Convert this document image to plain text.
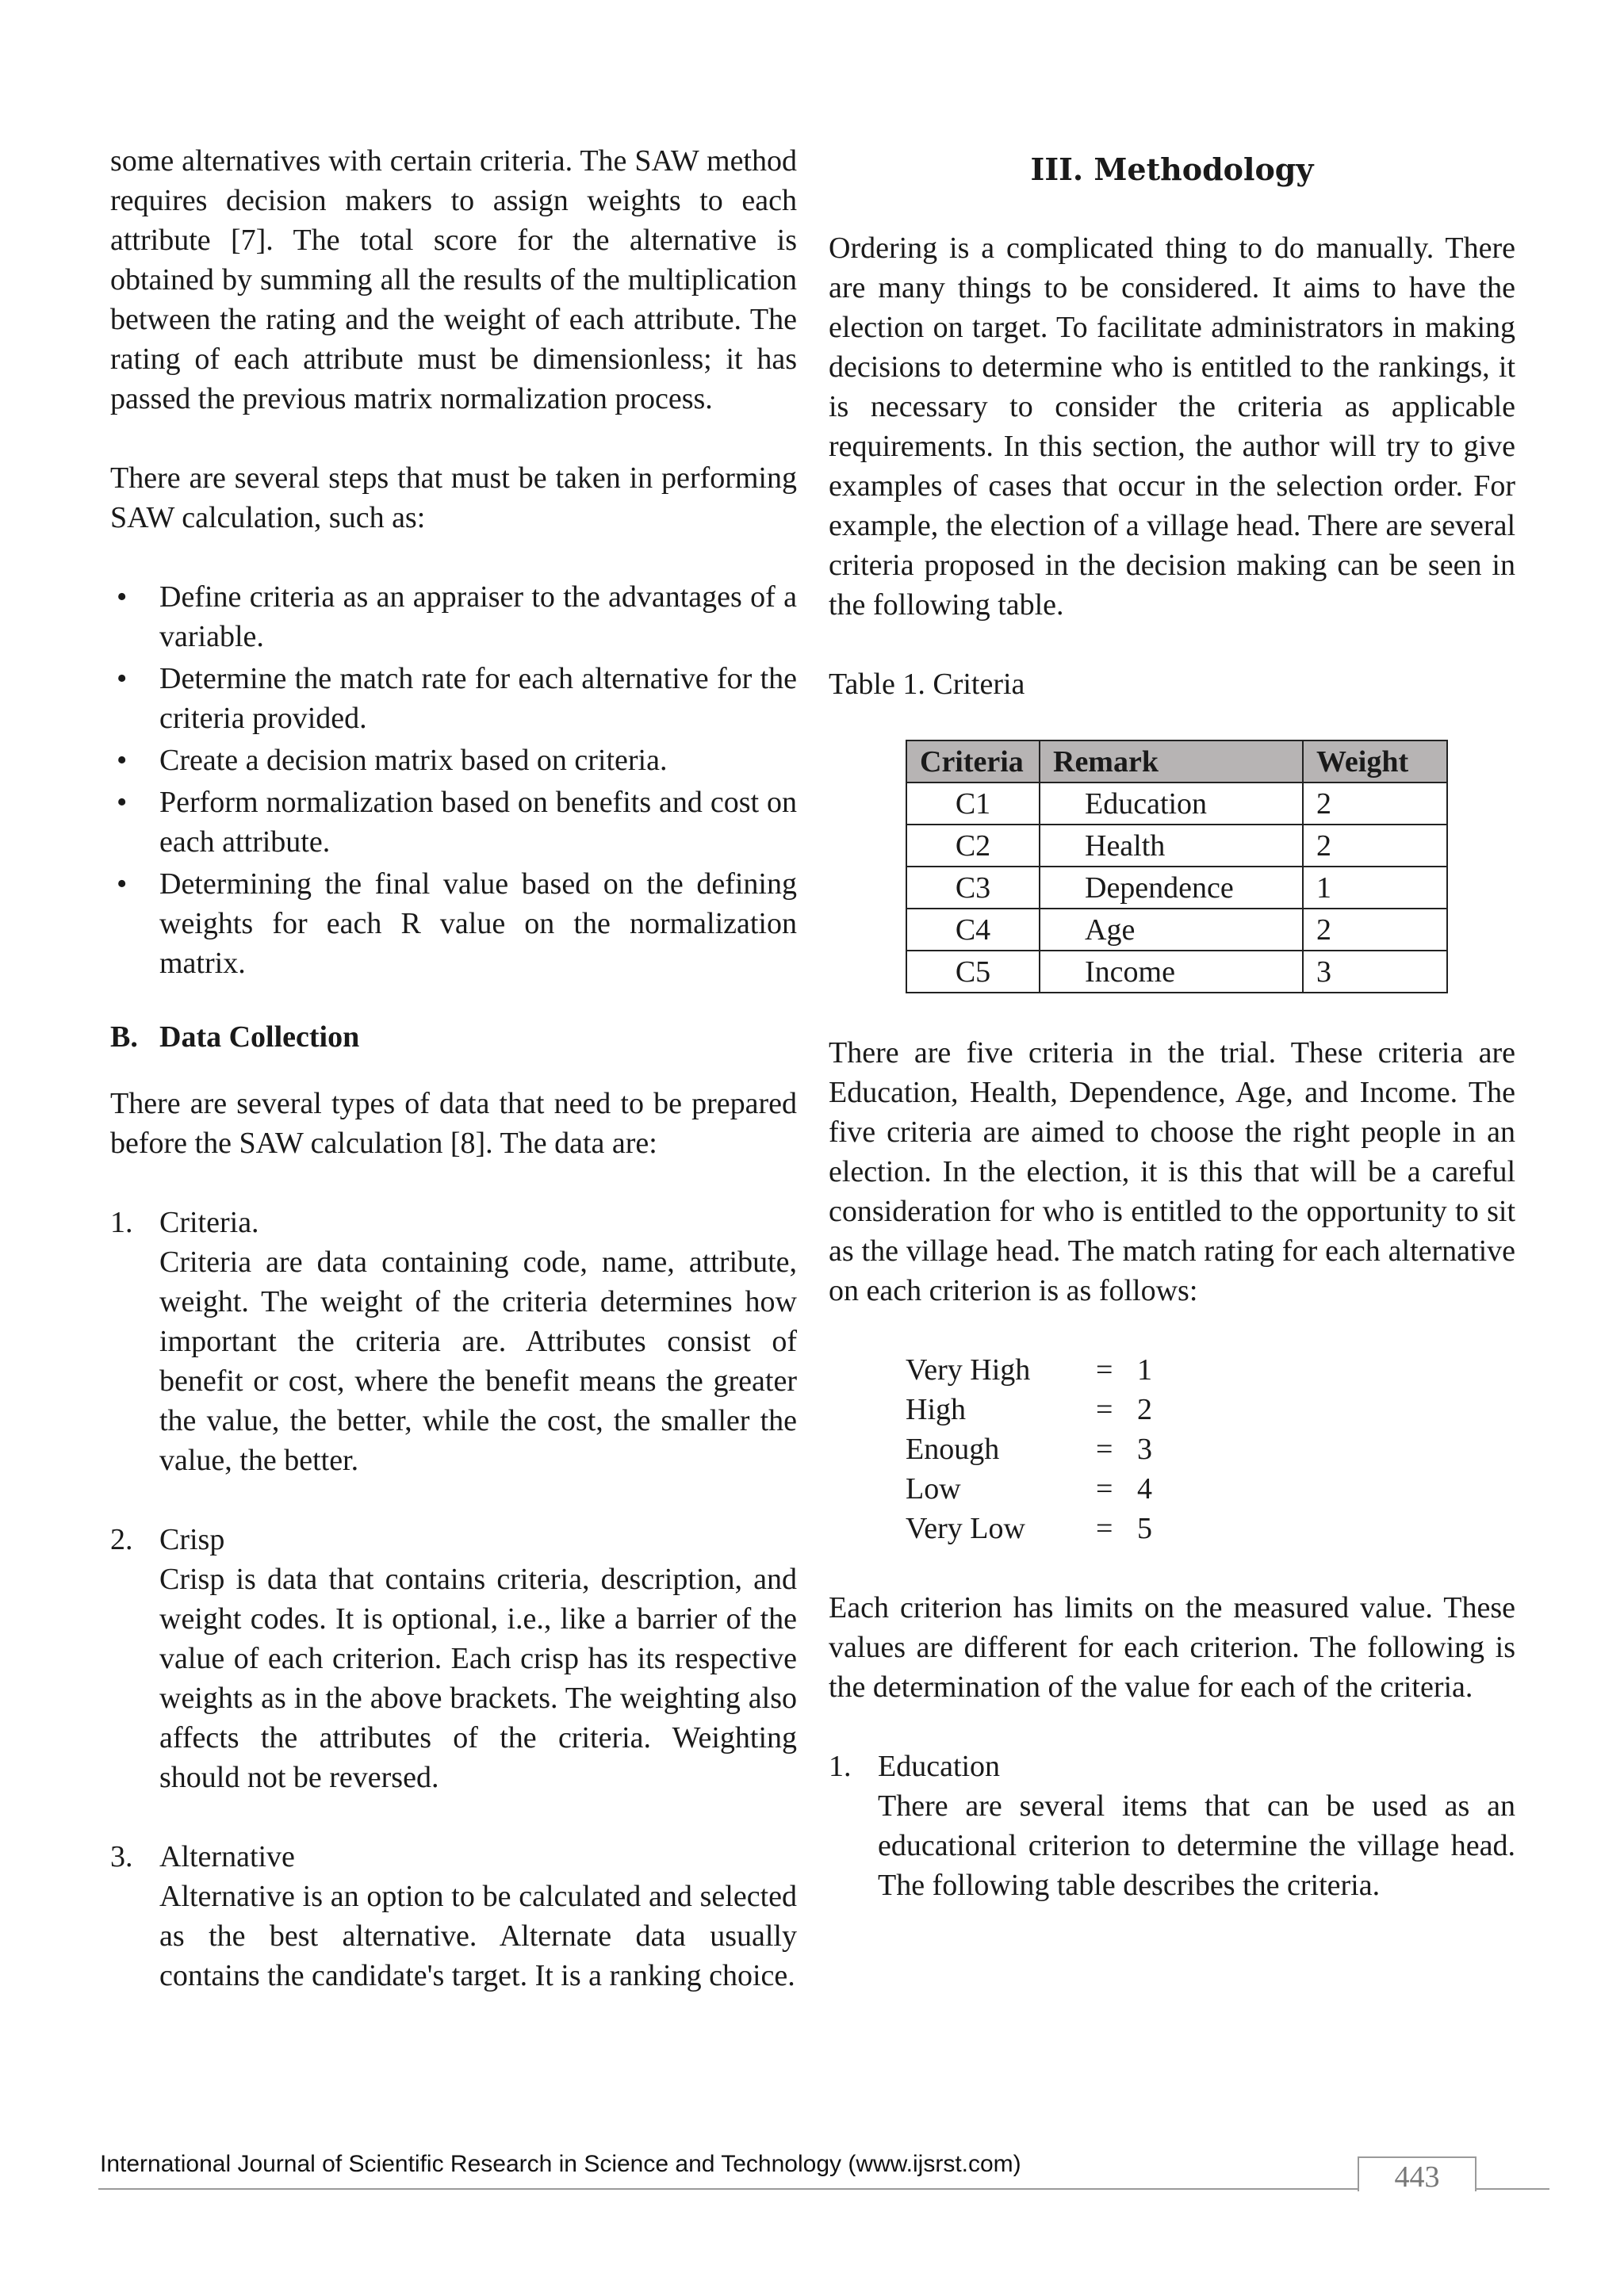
some alternatives with certain criteria. The SAW method requires decision makers to assign weights to each attribute [7]. The total score for the alternative is obtained by summing all the results of the multiplication between the rating and the weight of each attribute. The rating of each attribute must be dimensionless; it has passed the previous matrix normalization process.

There are several steps that must be taken in performing SAW calculation, such as:

• Define criteria as an appraiser to the advantages of a variable.
• Determine the match rate for each alternative for the criteria provided.
• Create a decision matrix based on criteria.
• Perform normalization based on benefits and cost on each attribute.
• Determining the final value based on the defining weights for each R value on the normalization matrix.
B. Data Collection

There are several types of data that need to be prepared before the SAW calculation [8]. The data are:

1. Criteria.

Criteria are data containing code, name, attribute, weight. The weight of the criteria determines how important the criteria are. Attributes consist of benefit or cost, where the benefit means the greater the value, the better, while the cost, the smaller the value, the better.

2. Crisp

Crisp is data that contains criteria, description, and weight codes. It is optional, i.e., like a barrier of the value of each criterion. Each crisp has its respective weights as in the above brackets. The weighting also affects the attributes of the criteria. Weighting should not be reversed.

3. Alternative

Alternative is an option to be calculated and selected as the best alternative. Alternate data usually contains the candidate's target. It is a ranking choice.

III. Methodology

Ordering is a complicated thing to do manually. There are many things to be considered. It aims to have the election on target. To facilitate administrators in making decisions to determine who is entitled to the rankings, it is necessary to consider the criteria as applicable requirements. In this section, the author will try to give examples of cases that occur in the selection order. For example, the election of a village head. There are several criteria proposed in the decision making can be seen in the following table.

Table 1. Criteria
Criteria	Remark	Weight
C1	Education	2
C2	Health	2
C3	Dependence	1
C4	Age	2
C5	Income	3

There are five criteria in the trial. These criteria are Education, Health, Dependence, Age, and Income. The five criteria are aimed to choose the right people in an election. In the election, it is this that will be a careful consideration for who is entitled to the opportunity to sit as the village head. The match rating for each alternative on each criterion is as follows:

Very High	= 1
High	= 2
Enough	= 3
Low	= 4
Very Low	= 5

Each criterion has limits on the measured value. These values are different for each criterion. The following is the determination of the value for each of the criteria.

1. Education

There are several items that can be used as an educational criterion to determine the village head. The following table describes the criteria.

International Journal of Scientific Research in Science and Technology (www.ijsrst.com)	443
